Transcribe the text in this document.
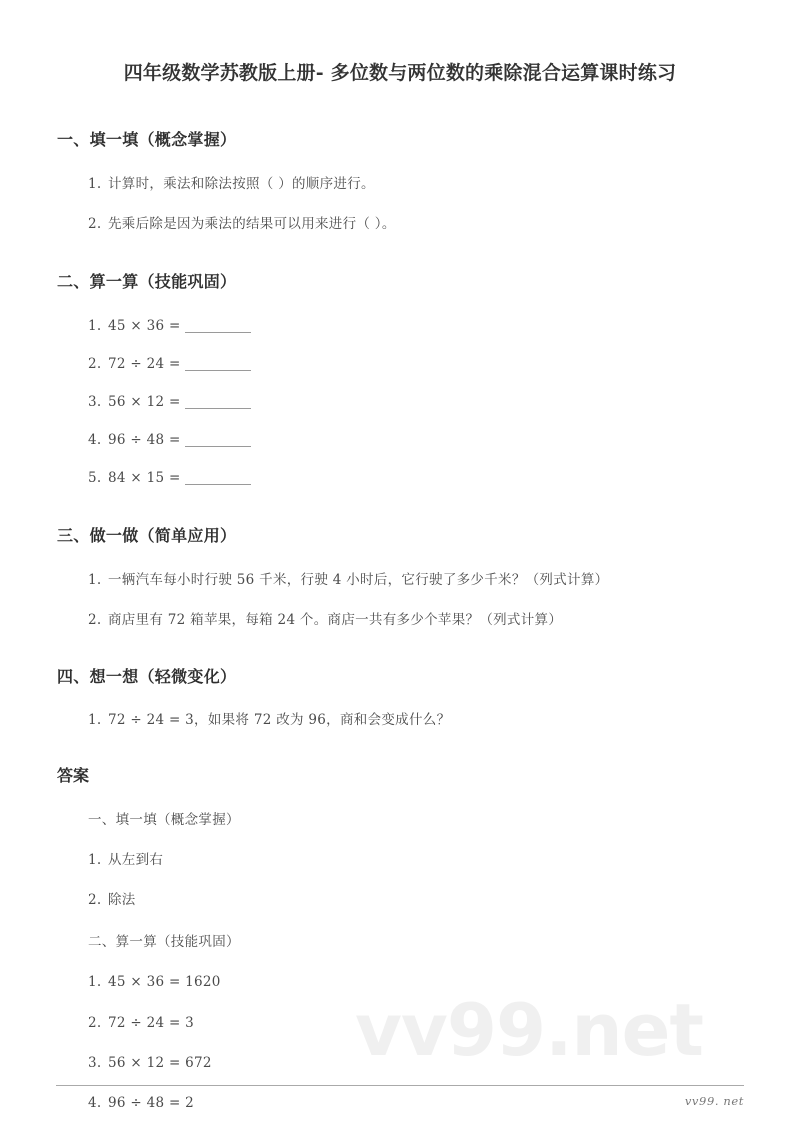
vv99.net
四年级数学苏教版上册- 多位数与两位数的乘除混合运算课时练习
一、填一填（概念掌握）
1. 计算时，乘法和除法按照（ ）的顺序进行。
2. 先乘后除是因为乘法的结果可以用来进行（ ）。
二、算一算（技能巩固）
1. 45 × 36 =
2. 72 ÷ 24 =
3. 56 × 12 =
4. 96 ÷ 48 =
5. 84 × 15 =
三、做一做（简单应用）
1. 一辆汽车每小时行驶 56 千米，行驶 4 小时后，它行驶了多少千米？（列式计算）
2. 商店里有 72 箱苹果，每箱 24 个。商店一共有多少个苹果？（列式计算）
四、想一想（轻微变化）
1. 72 ÷ 24 = 3，如果将 72 改为 96，商和会变成什么？
答案
一、填一填（概念掌握）
1. 从左到右
2. 除法
二、算一算（技能巩固）
1. 45 × 36 = 1620
2. 72 ÷ 24 = 3
3. 56 × 12 = 672
4. 96 ÷ 48 = 2	vv99. net
